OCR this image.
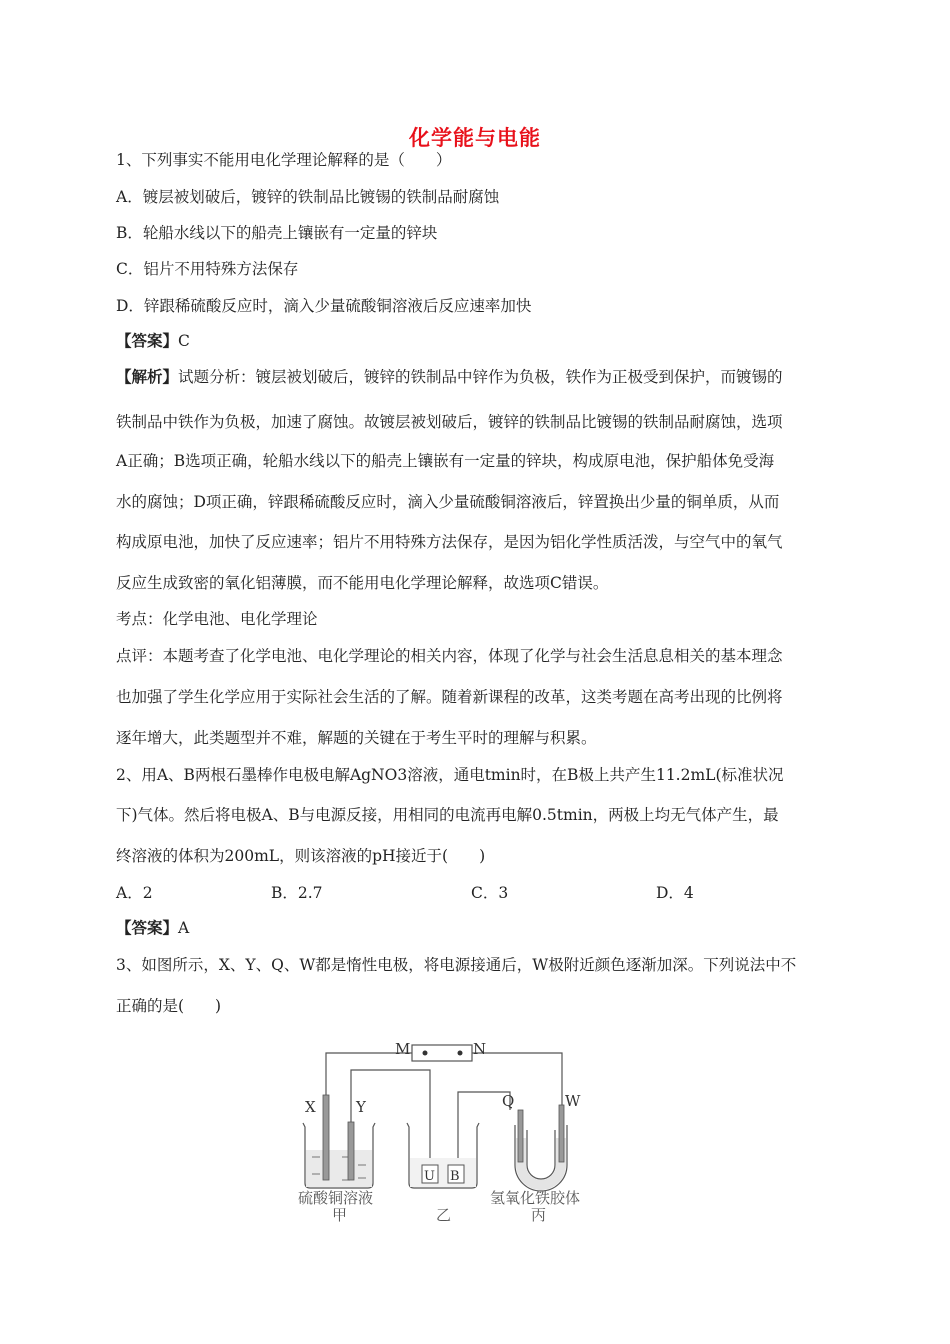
化学能与电能
1、下列事实不能用电化学理论解释的是（　　）
A．镀层被划破后，镀锌的铁制品比镀锡的铁制品耐腐蚀
B．轮船水线以下的船壳上镶嵌有一定量的锌块
C．铝片不用特殊方法保存
D．锌跟稀硫酸反应时，滴入少量硫酸铜溶液后反应速率加快
【答案】C
【解析】试题分析：镀层被划破后，镀锌的铁制品中锌作为负极，铁作为正极受到保护，而镀锡的
铁制品中铁作为负极，加速了腐蚀。故镀层被划破后，镀锌的铁制品比镀锡的铁制品耐腐蚀，选项
A正确；B选项正确，轮船水线以下的船壳上镶嵌有一定量的锌块，构成原电池，保护船体免受海
水的腐蚀；D项正确，锌跟稀硫酸反应时，滴入少量硫酸铜溶液后，锌置换出少量的铜单质，从而
构成原电池，加快了反应速率；铝片不用特殊方法保存，是因为铝化学性质活泼，与空气中的氧气
反应生成致密的氧化铝薄膜，而不能用电化学理论解释，故选项C错误。
考点：化学电池、电化学理论
点评：本题考查了化学电池、电化学理论的相关内容，体现了化学与社会生活息息相关的基本理念
也加强了学生化学应用于实际社会生活的了解。随着新课程的改革，这类考题在高考出现的比例将
逐年增大，此类题型并不难，解题的关键在于考生平时的理解与积累。
2、用A、B两根石墨棒作电极电解AgNO3溶液，通电tmin时，在B极上共产生11.2mL(标准状况
下)气体。然后将电极A、B与电源反接，用相同的电流再电解0.5tmin，两极上均无气体产生，最
终溶液的体积为200mL，则该溶液的pH接近于(　　)
A．2	B．2.7	C．3	D．4
【答案】A
3、如图所示，X、Y、Q、W都是惰性电极，将电源接通后，W极附近颜色逐渐加深。下列说法中不
正确的是(　　)
M	N
X	Y	Q	W
U B
硫酸铜溶液
甲	乙
氢氧化铁胶体
丙
